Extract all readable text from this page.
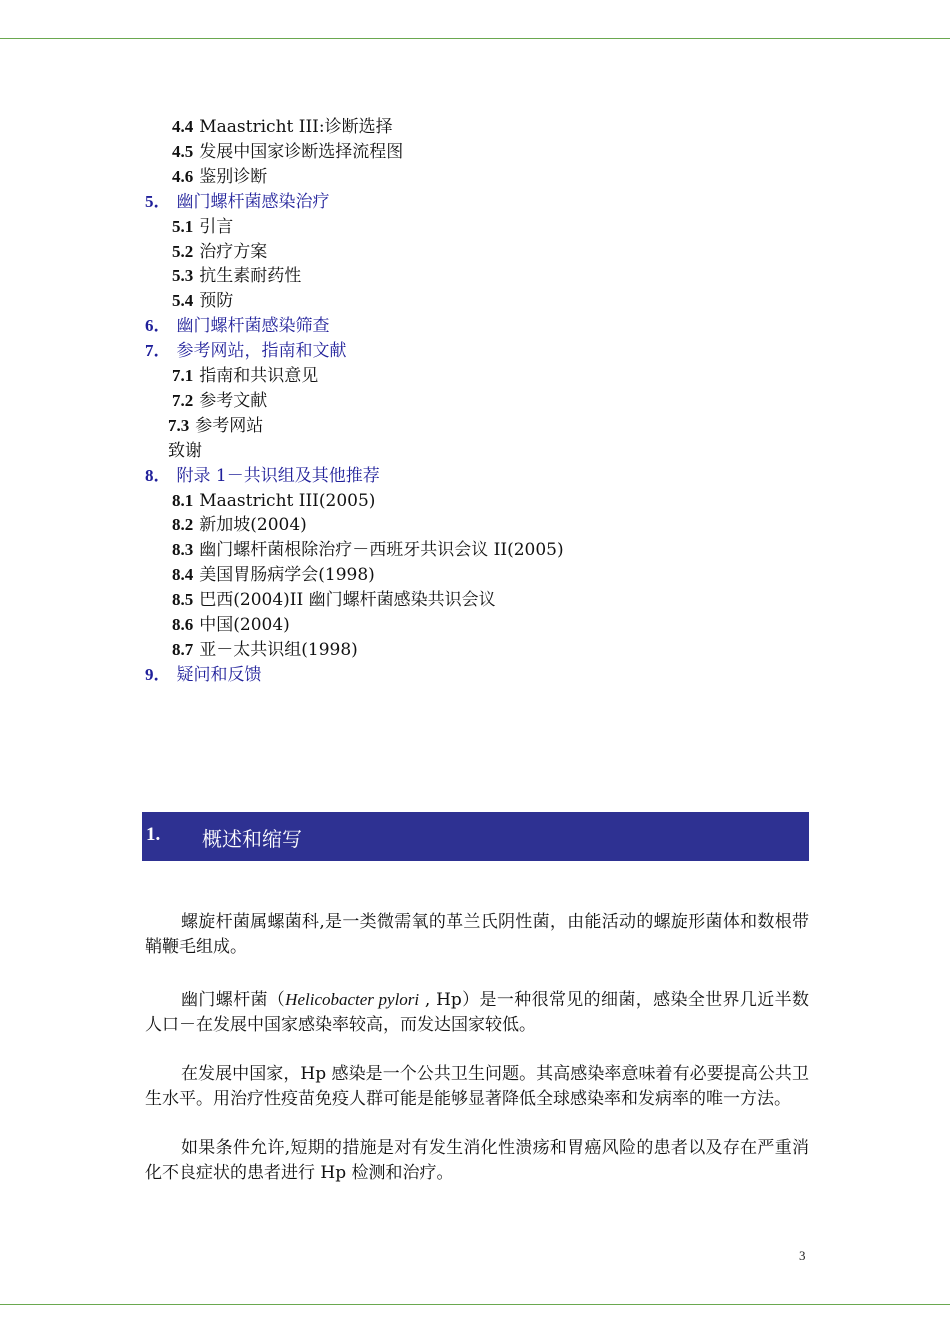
4.4 Maastricht III:诊断选择
4.5 发展中国家诊断选择流程图
4.6 鉴别诊断
5． 幽门螺杆菌感染治疗
5.1 引言
5.2 治疗方案
5.3 抗生素耐药性
5.4 预防
6． 幽门螺杆菌感染筛查
7． 参考网站，指南和文献
7.1 指南和共识意见
7.2 参考文献
7.3 参考网站
致谢
8． 附录 1－共识组及其他推荐
8.1 Maastricht III(2005)
8.2 新加坡(2004)
8.3 幽门螺杆菌根除治疗－西班牙共识会议 II(2005)
8.4 美国胃肠病学会(1998)
8.5 巴西(2004)II 幽门螺杆菌感染共识会议
8.6 中国(2004)
8.7 亚－太共识组(1998)
9． 疑问和反馈
1. 概述和缩写
螺旋杆菌属螺菌科,是一类微需氧的革兰氏阴性菌，由能活动的螺旋形菌体和数根带鞘鞭毛组成。
幽门螺杆菌（Helicobacter pylori , Hp）是一种很常见的细菌，感染全世界几近半数人口－在发展中国家感染率较高，而发达国家较低。
在发展中国家，Hp 感染是一个公共卫生问题。其高感染率意味着有必要提高公共卫生水平。用治疗性疫苗免疫人群可能是能够显著降低全球感染率和发病率的唯一方法。
如果条件允许,短期的措施是对有发生消化性溃疡和胃癌风险的患者以及存在严重消化不良症状的患者进行 Hp 检测和治疗。
3
